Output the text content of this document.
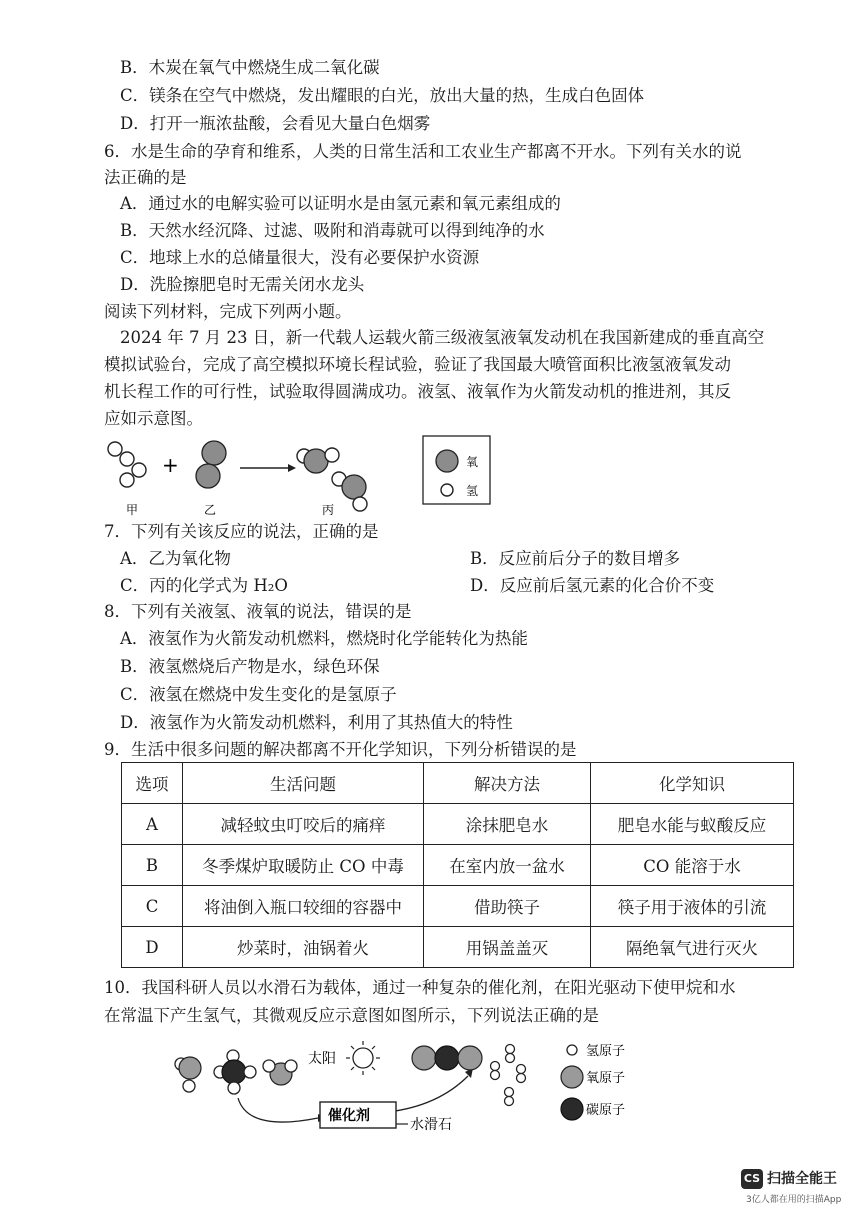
B．木炭在氧气中燃烧生成二氧化碳
C．镁条在空气中燃烧，发出耀眼的白光，放出大量的热，生成白色固体
D．打开一瓶浓盐酸，会看见大量白色烟雾
6．水是生命的孕育和维系，人类的日常生活和工农业生产都离不开水。下列有关水的说
法正确的是
A．通过水的电解实验可以证明水是由氢元素和氧元素组成的
B．天然水经沉降、过滤、吸附和消毒就可以得到纯净的水
C．地球上水的总储量很大，没有必要保护水资源
D．洗脸擦肥皂时无需关闭水龙头
阅读下列材料，完成下列两小题。
2024 年 7 月 23 日，新一代载人运载火箭三级液氢液氧发动机在我国新建成的垂直高空
模拟试验台，完成了高空模拟环境长程试验，验证了我国最大喷管面积比液氢液氧发动
机长程工作的可行性，试验取得圆满成功。液氢、液氧作为火箭发动机的推进剂，其反
应如示意图。
+
甲	乙	丙
氧
氢
7．下列有关该反应的说法，正确的是
A．乙为氧化物	B．反应前后分子的数目增多
C．丙的化学式为 H₂O	D．反应前后氢元素的化合价不变
8．下列有关液氢、液氧的说法，错误的是
A．液氢作为火箭发动机燃料，燃烧时化学能转化为热能
B．液氢燃烧后产物是水，绿色环保
C．液氢在燃烧中发生变化的是氢原子
D．液氢作为火箭发动机燃料，利用了其热值大的特性
9．生活中很多问题的解决都离不开化学知识，下列分析错误的是
选项	生活问题	解决方法	化学知识
A	减轻蚊虫叮咬后的痛痒	涂抹肥皂水	肥皂水能与蚁酸反应
B	冬季煤炉取暖防止 CO 中毒	在室内放一盆水	CO 能溶于水
C	将油倒入瓶口较细的容器中	借助筷子	筷子用于液体的引流
D	炒菜时，油锅着火	用锅盖盖灭	隔绝氧气进行灭火
10．我国科研人员以水滑石为载体，通过一种复杂的催化剂，在阳光驱动下使甲烷和水
在常温下产生氢气，其微观反应示意图如图所示，下列说法正确的是
太阳
催化剂
水滑石
氢原子
氧原子
碳原子
CS 扫描全能王
3亿人都在用的扫描App
